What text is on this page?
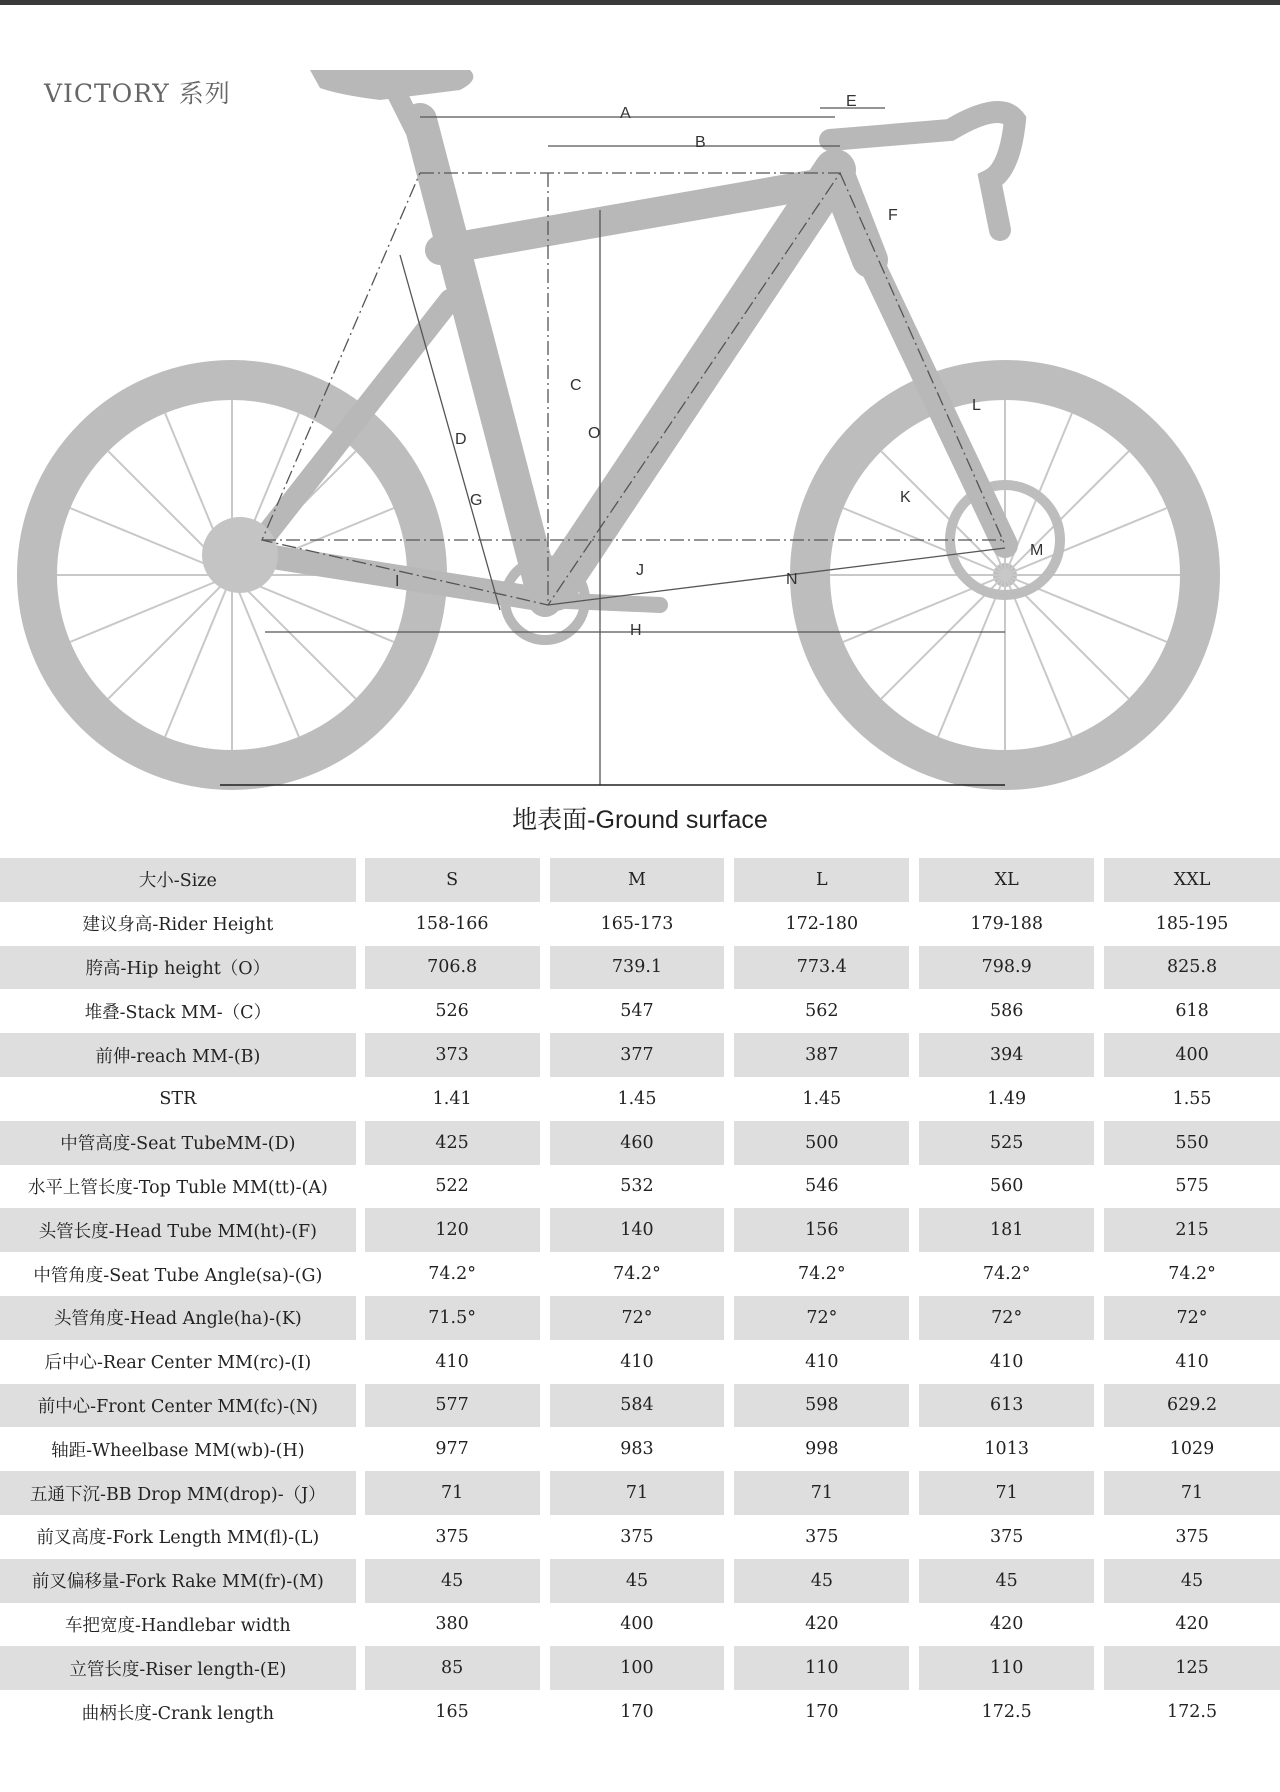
A
B
E
F
C
O
D
G
L
K
M
N
J
I
H
VICTORY 系列
地表面-Ground surface
大小-Size	S	M	L	XL	XXL
建议身高-Rider Height	158-166	165-173	172-180	179-188	185-195
胯高-Hip height（O）	706.8	739.1	773.4	798.9	825.8
堆叠-Stack MM-（C）	526	547	562	586	618
前伸-reach MM-(B)	373	377	387	394	400
STR	1.41	1.45	1.45	1.49	1.55
中管高度-Seat TubeMM-(D)	425	460	500	525	550
水平上管长度-Top Tuble MM(tt)-(A)	522	532	546	560	575
头管长度-Head Tube MM(ht)-(F)	120	140	156	181	215
中管角度-Seat Tube Angle(sa)-(G)	74.2°	74.2°	74.2°	74.2°	74.2°
头管角度-Head Angle(ha)-(K)	71.5°	72°	72°	72°	72°
后中心-Rear Center MM(rc)-(I)	410	410	410	410	410
前中心-Front Center MM(fc)-(N)	577	584	598	613	629.2
轴距-Wheelbase MM(wb)-(H)	977	983	998	1013	1029
五通下沉-BB Drop MM(drop)-（J）	71	71	71	71	71
前叉高度-Fork Length MM(fl)-(L)	375	375	375	375	375
前叉偏移量-Fork Rake MM(fr)-(M)	45	45	45	45	45
车把宽度-Handlebar width	380	400	420	420	420
立管长度-Riser length-(E)	85	100	110	110	125
曲柄长度-Crank length	165	170	170	172.5	172.5
